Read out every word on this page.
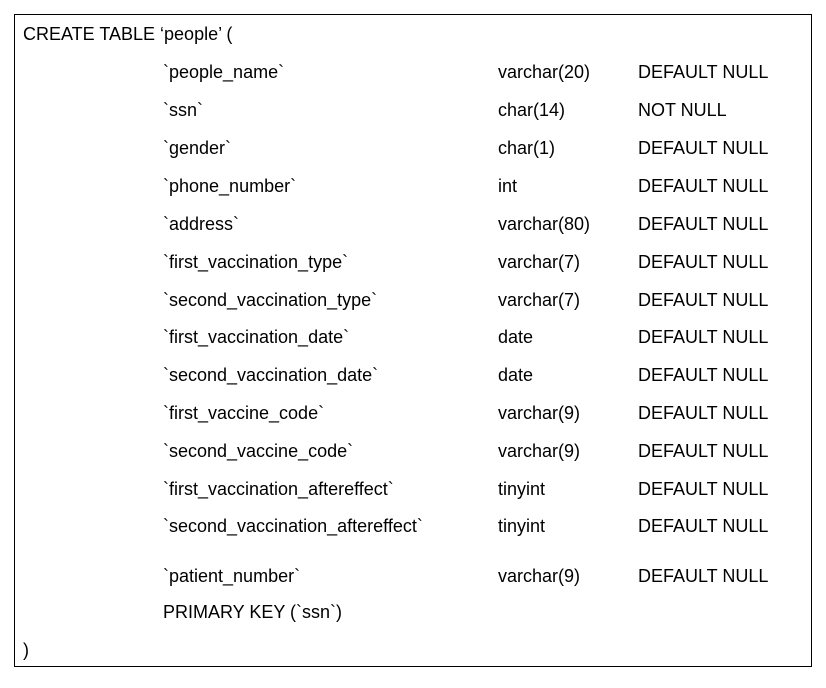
CREATE TABLE ‘people’ (
`people_name`	varchar(20)	DEFAULT NULL
`ssn`	char(14)	NOT NULL
`gender`	char(1)	DEFAULT NULL
`phone_number`	int	DEFAULT NULL
`address`	varchar(80)	DEFAULT NULL
`first_vaccination_type`	varchar(7)	DEFAULT NULL
`second_vaccination_type`	varchar(7)	DEFAULT NULL
`first_vaccination_date`	date	DEFAULT NULL
`second_vaccination_date`	date	DEFAULT NULL
`first_vaccine_code`	varchar(9)	DEFAULT NULL
`second_vaccine_code`	varchar(9)	DEFAULT NULL
`first_vaccination_aftereffect`	tinyint	DEFAULT NULL
`second_vaccination_aftereffect`	tinyint	DEFAULT NULL
`patient_number`	varchar(9)	DEFAULT NULL
PRIMARY KEY (`ssn`)
)
